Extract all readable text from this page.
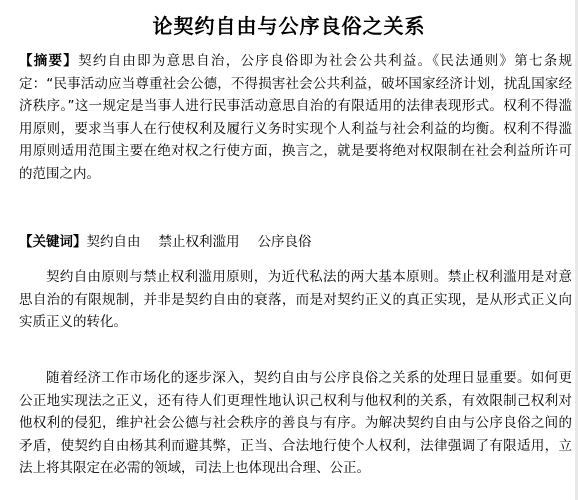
论契约自由与公序良俗之关系

【摘要】契约自由即为意思自治，公序良俗即为社会公共利益。《民法通则》第七条规定：“民事活动应当尊重社会公德，不得损害社会公共利益，破坏国家经济计划，扰乱国家经济秩序。”这一规定是当事人进行民事活动意思自治的有限适用的法律表现形式。权利不得滥用原则，要求当事人在行使权利及履行义务时实现个人利益与社会利益的均衡。权利不得滥用原则适用范围主要在绝对权之行使方面，换言之，就是要将绝对权限制在社会利益所许可的范围之内。

【关键词】契约自由 禁止权利滥用 公序良俗

契约自由原则与禁止权利滥用原则，为近代私法的两大基本原则。禁止权利滥用是对意思自治的有限规制，并非是契约自由的衰落，而是对契约正义的真正实现，是从形式正义向实质正义的转化。

随着经济工作市场化的逐步深入，契约自由与公序良俗之关系的处理日显重要。如何更公正地实现法之正义，还有待人们更理性地认识己权利与他权利的关系，有效限制己权利对他权利的侵犯，维护社会公德与社会秩序的善良与有序。为解决契约自由与公序良俗之间的矛盾，使契约自由杨其利而避其弊，正当、合法地行使个人权利，法律强调了有限适用，立法上将其限定在必需的领域，司法上也体现出合理、公正。
